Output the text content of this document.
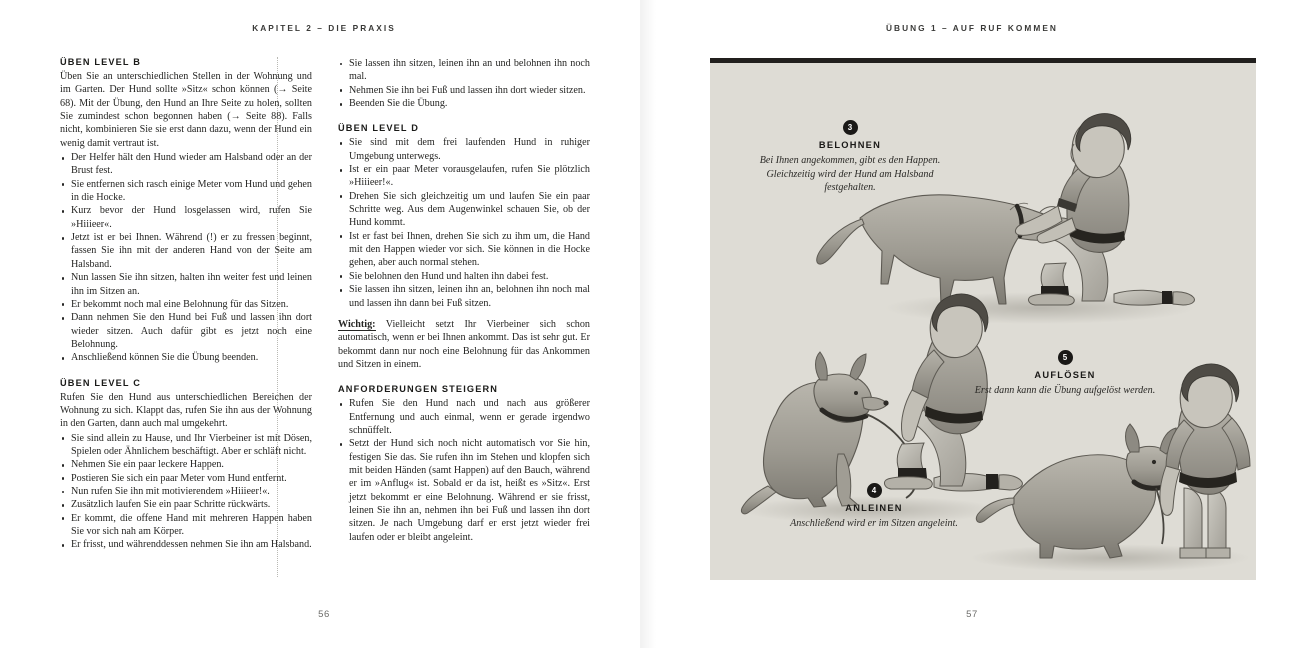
KAPITEL 2 – DIE PRAXIS
ÜBEN LEVEL B

Üben Sie an unterschiedlichen Stellen in der Wohnung und im Garten. Der Hund sollte »Sitz« schon können (→ Seite 68). Mit der Übung, den Hund an Ihre Seite zu holen, sollten Sie zumindest schon begonnen haben (→ Seite 88). Falls nicht, kombinieren Sie sie erst dann dazu, wenn der Hund ein wenig damit vertraut ist.

Der Helfer hält den Hund wieder am Halsband oder an der Brust fest.
Sie entfernen sich rasch einige Meter vom Hund und gehen in die Hocke.
Kurz bevor der Hund losgelassen wird, rufen Sie »Hiiieer«.
Jetzt ist er bei Ihnen. Während (!) er zu fressen beginnt, fassen Sie ihn mit der anderen Hand von der Seite am Halsband.
Nun lassen Sie ihn sitzen, halten ihn weiter fest und leinen ihn im Sitzen an.
Er bekommt noch mal eine Belohnung für das Sitzen.
Dann nehmen Sie den Hund bei Fuß und lassen ihn dort wieder sitzen. Auch dafür gibt es jetzt noch eine Belohnung.
Anschließend können Sie die Übung beenden.
ÜBEN LEVEL C

Rufen Sie den Hund aus unterschiedlichen Bereichen der Wohnung zu sich. Klappt das, rufen Sie ihn aus der Wohnung in den Garten, dann auch mal umgekehrt.

Sie sind allein zu Hause, und Ihr Vierbeiner ist mit Dösen, Spielen oder Ähnlichem beschäftigt. Aber er schläft nicht.
Nehmen Sie ein paar leckere Happen.
Postieren Sie sich ein paar Meter vom Hund entfernt.
Nun rufen Sie ihn mit motivierendem »Hiiieer!«.
Zusätzlich laufen Sie ein paar Schritte rückwärts.
Er kommt, die offene Hand mit mehreren Happen haben Sie vor sich nah am Körper.
Er frisst, und währenddessen nehmen Sie ihn am Halsband.
Sie lassen ihn sitzen, leinen ihn an und belohnen ihn noch mal.
Nehmen Sie ihn bei Fuß und lassen ihn dort wieder sitzen.
Beenden Sie die Übung.
ÜBEN LEVEL D
Sie sind mit dem frei laufenden Hund in ruhiger Umgebung unterwegs.
Ist er ein paar Meter vorausgelaufen, rufen Sie plötzlich »Hiiieer!«.
Drehen Sie sich gleichzeitig um und laufen Sie ein paar Schritte weg. Aus dem Augenwinkel schauen Sie, ob der Hund kommt.
Ist er fast bei Ihnen, drehen Sie sich zu ihm um, die Hand mit den Happen wieder vor sich. Sie können in die Hocke gehen, aber auch normal stehen.
Sie belohnen den Hund und halten ihn dabei fest.
Sie lassen ihn sitzen, leinen ihn an, belohnen ihn noch mal und lassen ihn dann bei Fuß sitzen.

Wichtig: Vielleicht setzt Ihr Vierbeiner sich schon automatisch, wenn er bei Ihnen ankommt. Das ist sehr gut. Er bekommt dann nur noch eine Belohnung für das Ankommen und Sitzen in einem.

ANFORDERUNGEN STEIGERN
Rufen Sie den Hund nach und nach aus größerer Entfernung und auch einmal, wenn er gerade irgendwo schnüffelt.
Setzt der Hund sich noch nicht automatisch vor Sie hin, festigen Sie das. Sie rufen ihn im Stehen und klopfen sich mit beiden Händen (samt Happen) auf den Bauch, während er im »Anflug« ist. Sobald er da ist, heißt es »Sitz«. Erst jetzt bekommt er eine Belohnung. Während er sie frisst, leinen Sie ihn an, nehmen ihn bei Fuß und lassen ihn dort sitzen. Je nach Umgebung darf er erst jetzt wieder frei laufen oder er bleibt angeleint.
56
ÜBUNG 1 – AUF RUF KOMMEN
3
BELOHNEN
Bei Ihnen angekommen, gibt es den Happen. Gleichzeitig wird der Hund am Halsband festgehalten.
5
AUFLÖSEN
Erst dann kann die Übung aufgelöst werden.
4
ANLEINEN
Anschließend wird er im Sitzen angeleint.
57
